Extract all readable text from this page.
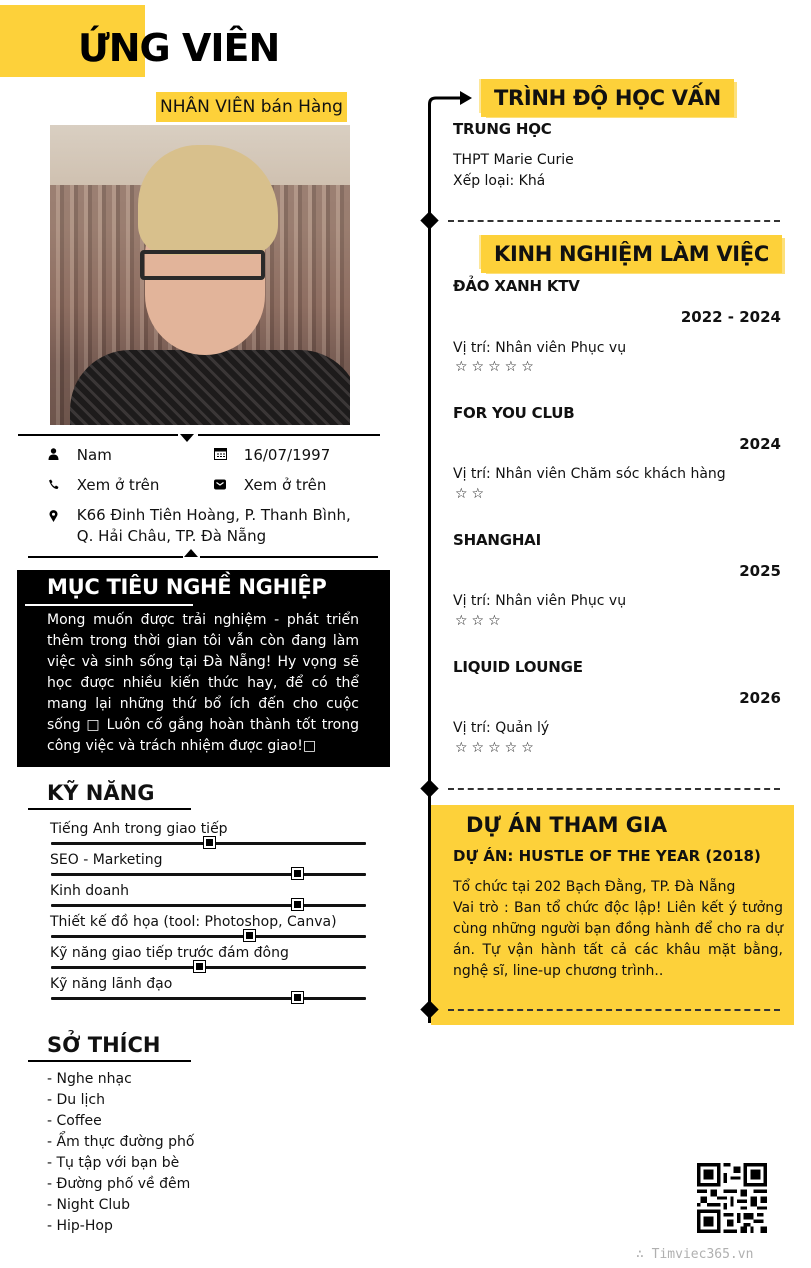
ỨNG VIÊN
NHÂN VIÊN bán Hàng
Nam	16/07/1997
Xem ở trên	Xem ở trên

K66 Đinh Tiên Hoàng, P. Thanh Bình,
Q. Hải Châu, TP. Đà Nẵng
MỤC TIÊU NGHỀ NGHIỆP

Mong muốn được trải nghiệm - phát triển thêm trong thời gian tôi vẫn còn đang làm việc và sinh sống tại Đà Nẵng! Hy vọng sẽ học được nhiều kiến thức hay, để có thể mang lại những thứ bổ ích đến cho cuộc sống □ Luôn cố gắng hoàn thành tốt trong công việc và trách nhiệm được giao!□

KỸ NĂNG
Tiếng Anh trong giao tiếp
SEO - Marketing
Kinh doanh
Thiết kế đồ họa (tool: Photoshop, Canva)
Kỹ năng giao tiếp trước đám đông
Kỹ năng lãnh đạo
SỞ THÍCH
- Nghe nhạc
- Du lịch
- Coffee
- Ẩm thực đường phố
- Tụ tập với bạn bè
- Đường phố về đêm
- Night Club
- Hip-Hop
DỰ ÁN THAM GIA
DỰ ÁN: HUSTLE OF THE YEAR (2018)

Tổ chức tại 202 Bạch Đằng, TP. Đà Nẵng
Vai trò : Ban tổ chức độc lập! Liên kết ý tưởng cùng những người bạn đồng hành để cho ra dự án. Tự vận hành tất cả các khâu mặt bằng, nghệ sĩ, line-up chương trình..

TRÌNH ĐỘ HỌC VẤN
TRUNG HỌC
THPT Marie Curie
Xếp loại: Khá
KINH NGHIỆM LÀM VIỆC
ĐẢO XANH KTV
2022 - 2024
Vị trí: Nhân viên Phục vụ
☆☆☆☆☆
FOR YOU CLUB
2024
Vị trí: Nhân viên Chăm sóc khách hàng
☆☆
SHANGHAI
2025
Vị trí: Nhân viên Phục vụ
☆☆☆
LIQUID LOUNGE
2026
Vị trí: Quản lý
☆☆☆☆☆
∴ Timviec365.vn
